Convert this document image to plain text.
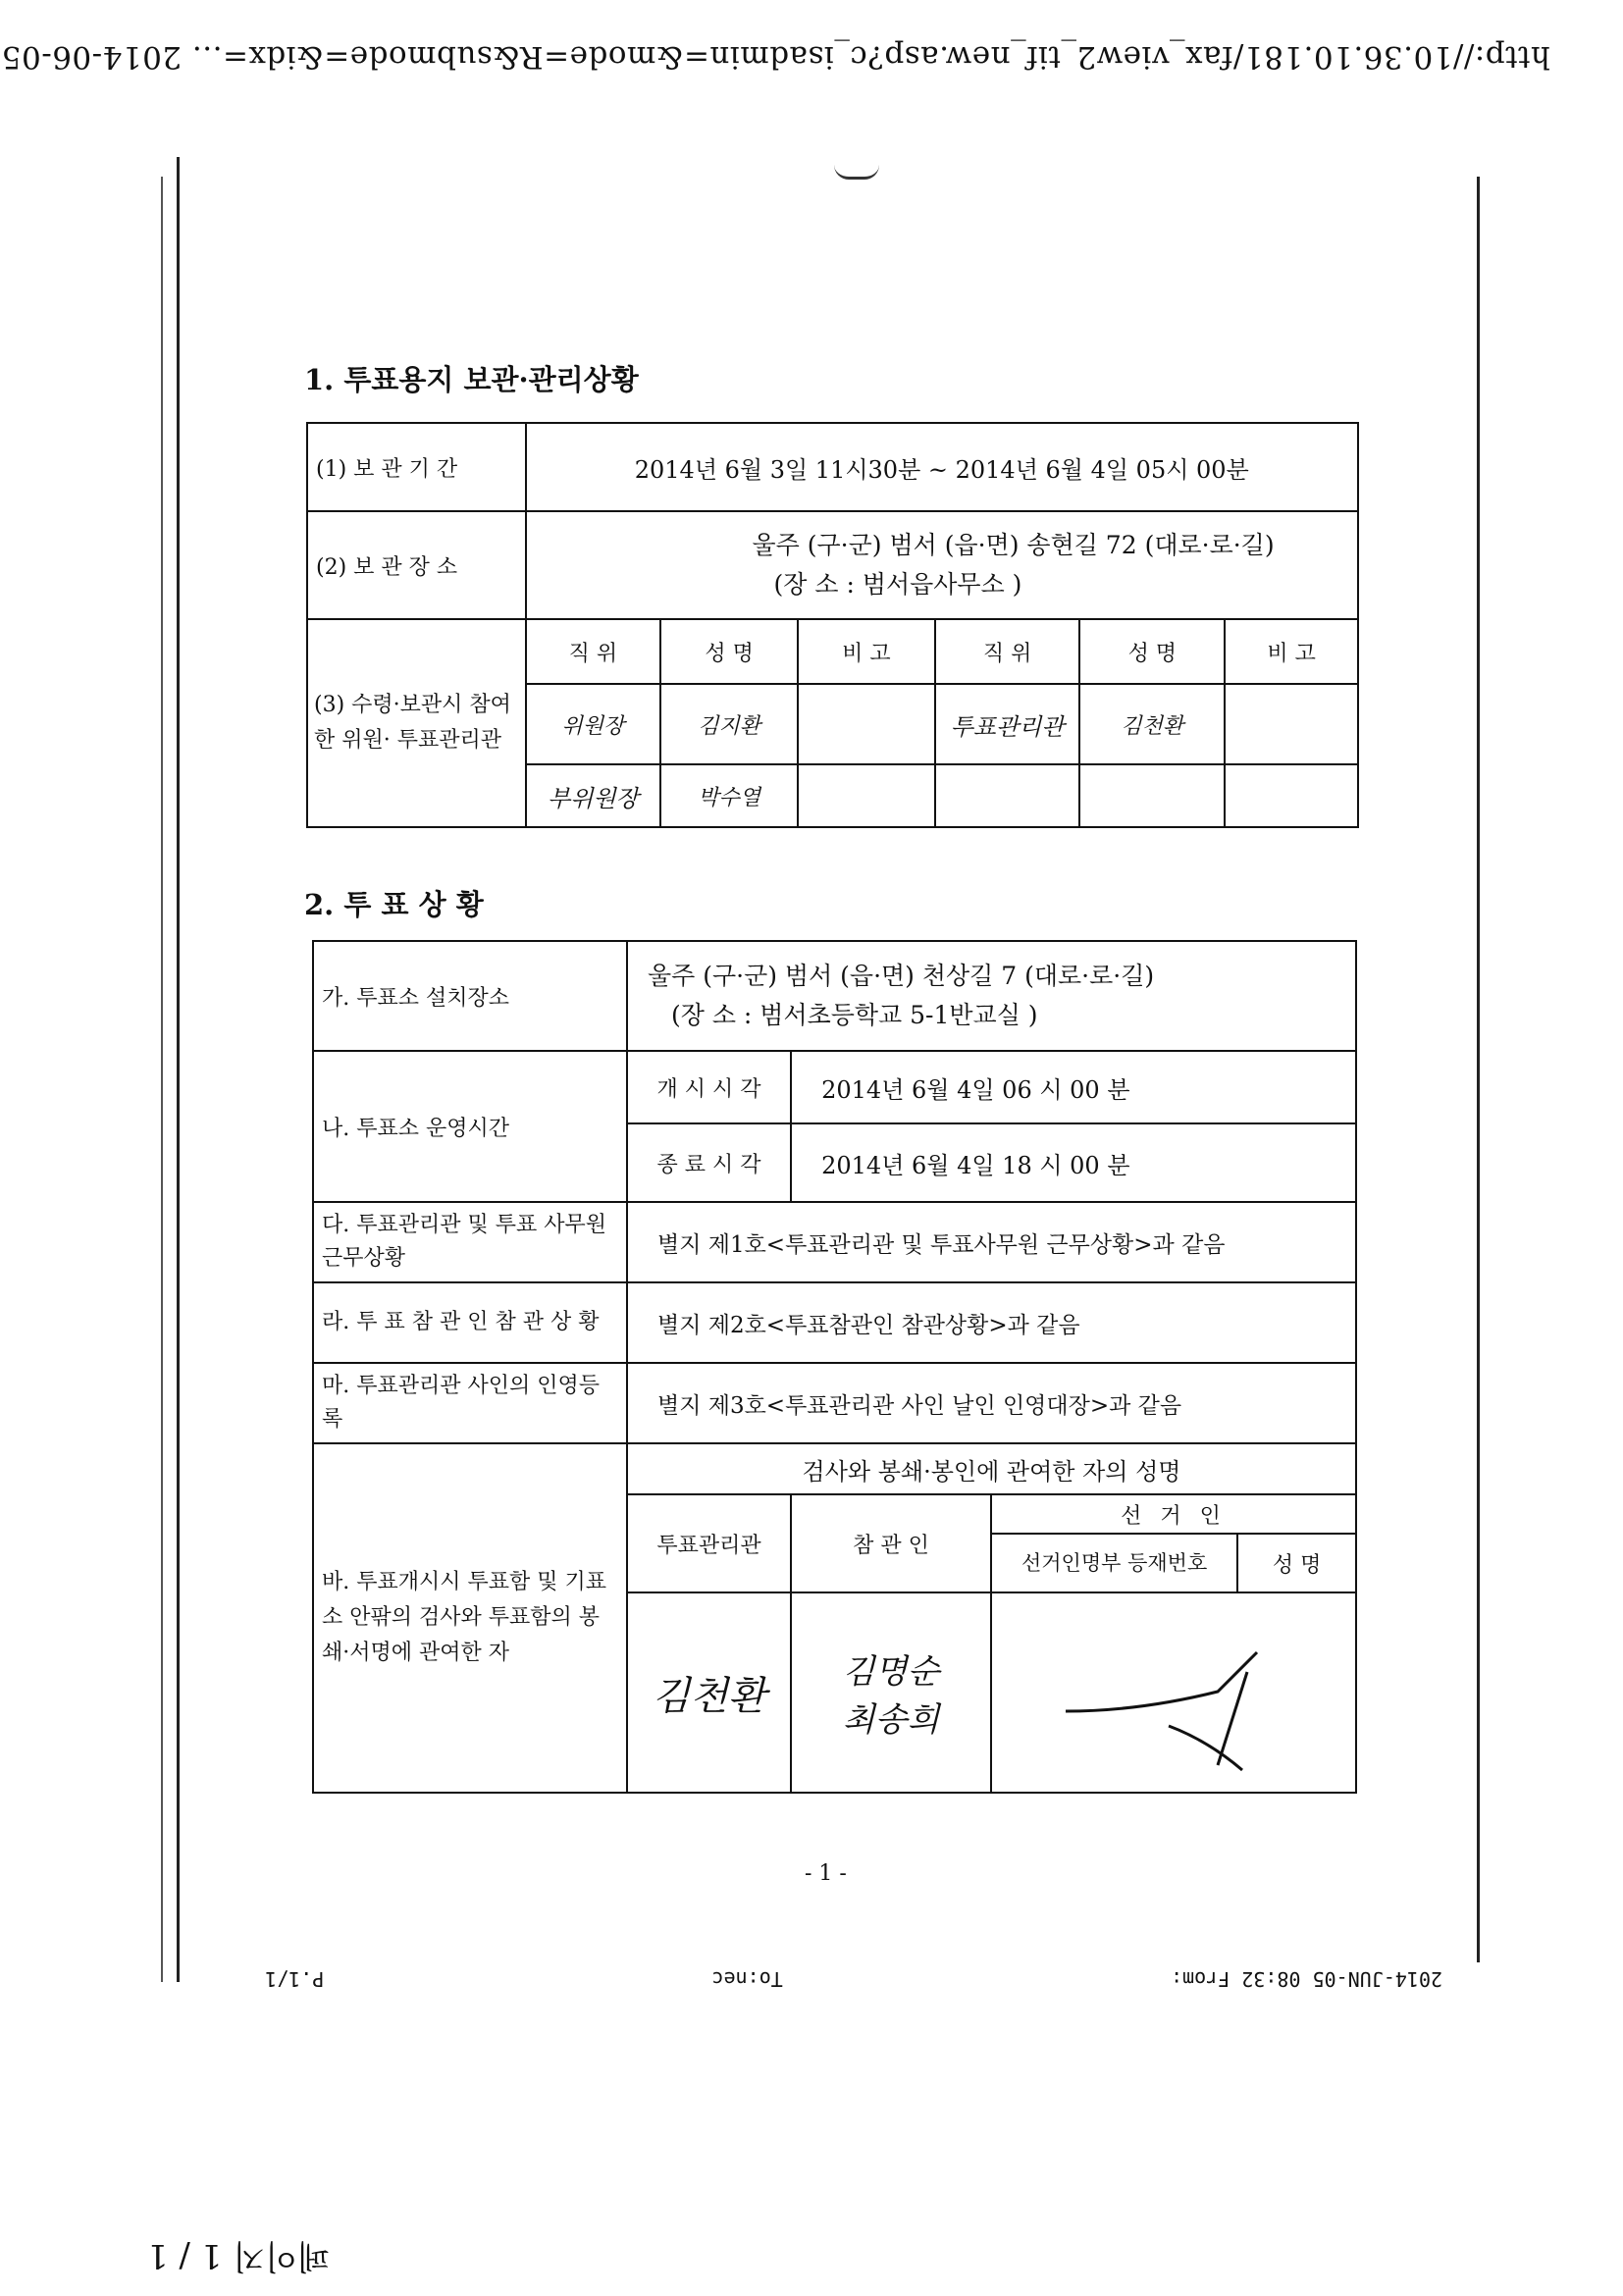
http://10.36.10.181/fax_view2_tif_new.asp?c_isadmin=&mode=R&submode=&idx=... 2014-06-05
1. 투표용지 보관·관리상황
(1) 보 관 기 간	2014년 6월 3일 11시30분 ~ 2014년 6월 4일 05시 00분					
(2) 보 관 장 소	울주 (구·군) 범서 (읍·면) 송현길 72 (대로·로·길)
(장 소 : 범서읍사무소 )					

(3) 수령·보관시 참여한 위원· 투표관리관	직 위	성 명	비 고	직 위	성 명	비 고
	위원장	김지환		투표관리관	김천환	
	부위원장	박수열				
2. 투 표 상 황
가. 투표소 설치장소	울주 (구·군) 범서 (읍·면) 천상길 7 (대로·로·길)
(장 소 : 범서초등학교 5-1반교실 )			

나. 투표소 운영시간	개 시 시 각	2014년 6월 4일 06 시 00 분		
	종 료 시 각	2014년 6월 4일 18 시 00 분		
다. 투표관리관 및 투표 사무원 근무상황	별지 제1호<투표관리관 및 투표사무원 근무상황>과 같음			
라. 투 표 참 관 인 참 관 상 황	별지 제2호<투표참관인 참관상황>과 같음			
마. 투표관리관 사인의 인영등록	별지 제3호<투표관리관 사인 날인 인영대장>과 같음			
바. 투표개시시 투표함 및 기표소 안팎의 검사와 투표함의 봉쇄·서명에 관여한 자	검사와 봉쇄·봉인에 관여한 자의 성명			
	투표관리관	참 관 인	선 거 인	
			선거인명부 등재번호	성 명
	김천환	김명순
최송희

- 1 -
2014-JUN-05 08:32 From:
To:nec
P.1/1
페이지 1 / 1
